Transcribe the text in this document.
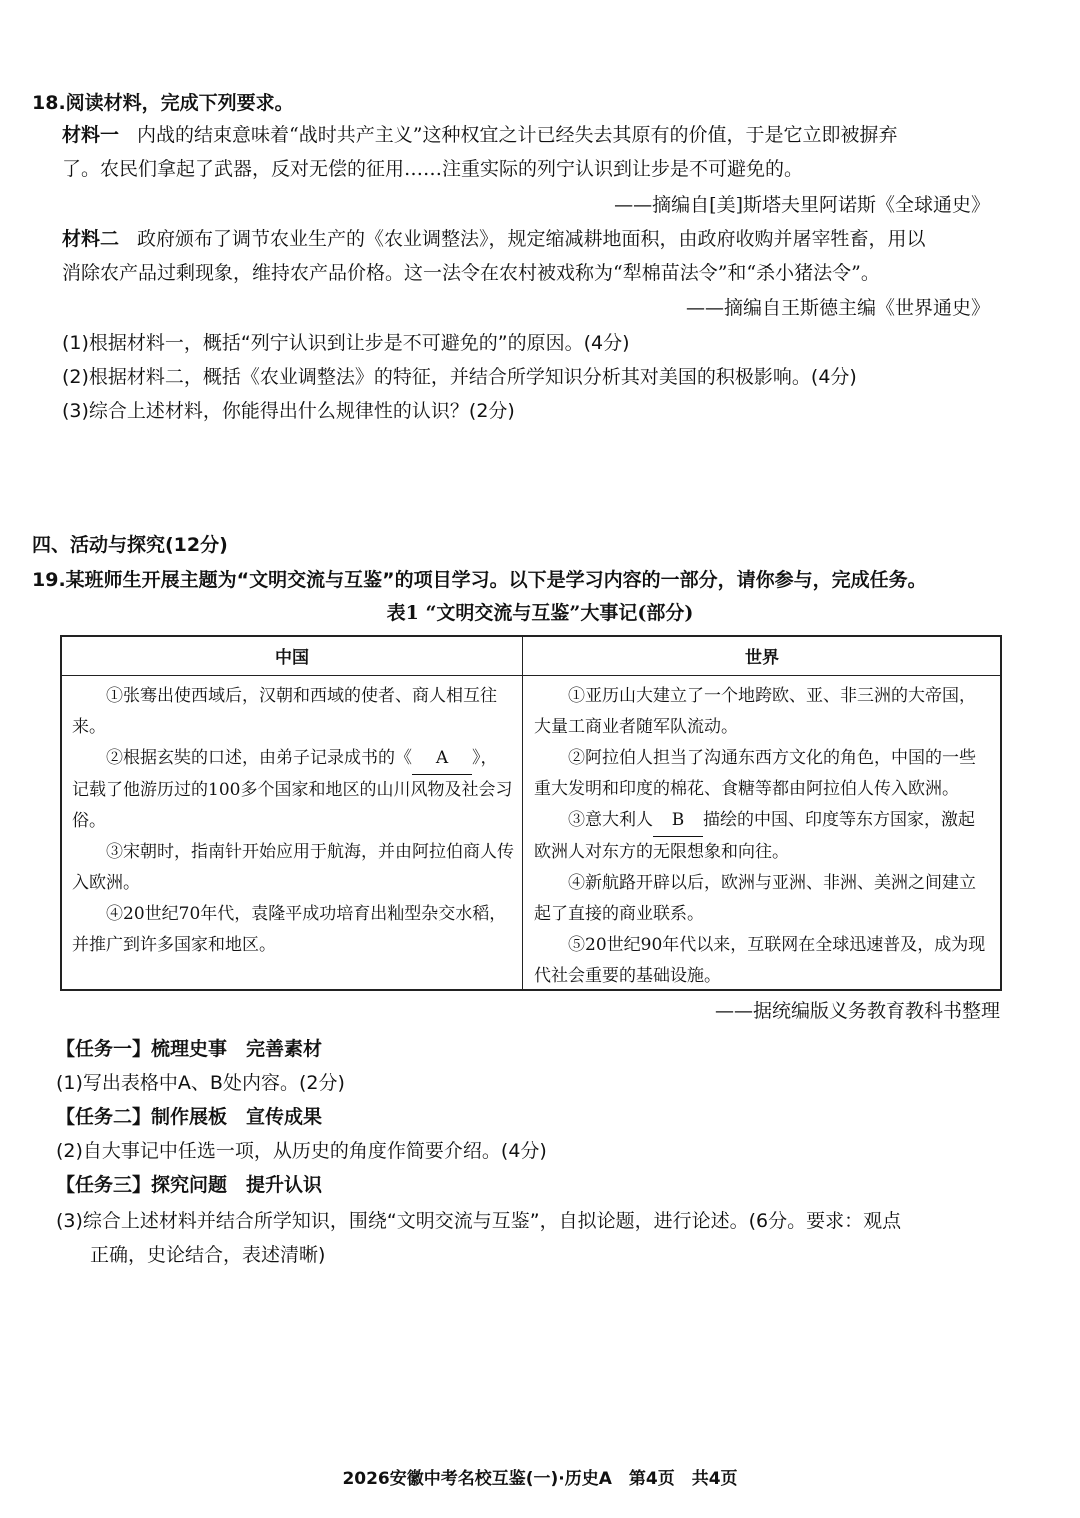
18.阅读材料，完成下列要求。
材料一 内战的结束意味着“战时共产主义”这种权宜之计已经失去其原有的价值，于是它立即被摒弃
了。农民们拿起了武器，反对无偿的征用……注重实际的列宁认识到让步是不可避免的。
——摘编自[美]斯塔夫里阿诺斯《全球通史》
材料二 政府颁布了调节农业生产的《农业调整法》，规定缩减耕地面积，由政府收购并屠宰牲畜，用以
消除农产品过剩现象，维持农产品价格。这一法令在农村被戏称为“犁棉苗法令”和“杀小猪法令”。
——摘编自王斯德主编《世界通史》
(1)根据材料一，概括“列宁认识到让步是不可避免的”的原因。(4分)
(2)根据材料二，概括《农业调整法》的特征，并结合所学知识分析其对美国的积极影响。(4分)
(3)综合上述材料，你能得出什么规律性的认识？(2分)
四、活动与探究(12分)
19.某班师生开展主题为“文明交流与互鉴”的项目学习。以下是学习内容的一部分，请你参与，完成任务。
表1 “文明交流与互鉴”大事记(部分)
中国	世界

①张骞出使西域后，汉朝和西域的使者、商人相互往来。

②根据玄奘的口述，由弟子记录成书的《 A 》，记载了他游历过的100多个国家和地区的山川风物及社会习俗。

③宋朝时，指南针开始应用于航海，并由阿拉伯商人传入欧洲。

④20世纪70年代，袁隆平成功培育出籼型杂交水稻，并推广到许多国家和地区。

①亚历山大建立了一个地跨欧、亚、非三洲的大帝国，大量工商业者随军队流动。

②阿拉伯人担当了沟通东西方文化的角色，中国的一些重大发明和印度的棉花、食糖等都由阿拉伯人传入欧洲。

③意大利人 B 描绘的中国、印度等东方国家，激起欧洲人对东方的无限想象和向往。

④新航路开辟以后，欧洲与亚洲、非洲、美洲之间建立起了直接的商业联系。

⑤20世纪90年代以来，互联网在全球迅速普及，成为现代社会重要的基础设施。

——据统编版义务教育教科书整理
【任务一】梳理史事　完善素材
(1)写出表格中A、B处内容。(2分)
【任务二】制作展板　宣传成果
(2)自大事记中任选一项，从历史的角度作简要介绍。(4分)
【任务三】探究问题　提升认识
(3)综合上述材料并结合所学知识，围绕“文明交流与互鉴”，自拟论题，进行论述。(6分。要求：观点
正确，史论结合，表述清晰)
2026安徽中考名校互鉴(一)·历史A　第4页　共4页
